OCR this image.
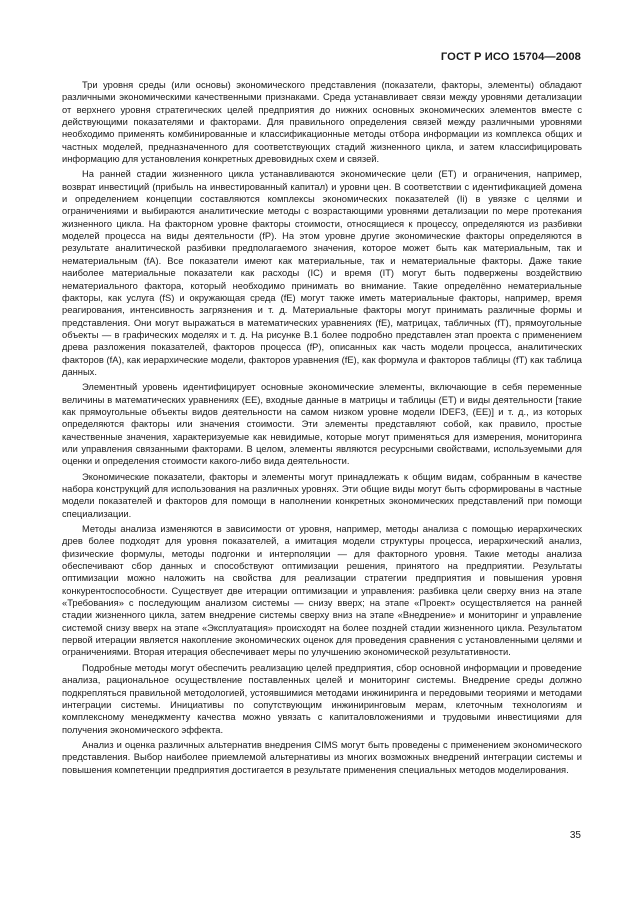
ГОСТ Р ИСО 15704—2008

Три уровня среды (или основы) экономического представления (показатели, факторы, элементы) обладают различными экономическими качественными признаками. Среда устанавливает связи между уровнями детализации от верхнего уровня стратегических целей предприятия до нижних основных экономических элементов вместе с действующими показателями и факторами. Для правильного определения связей между различными уровнями необходимо применять комбинированные и классификационные методы отбора информации из комплекса общих и частных моделей, предназначенного для соответствующих стадий жизненного цикла, и затем классифицировать информацию для установления конкретных древовидных схем и связей.

На ранней стадии жизненного цикла устанавливаются экономические цели (ЕТ) и ограничения, например, возврат инвестиций (прибыль на инвестированный капитал) и уровни цен. В соответствии с идентификацией домена и определением концепции составляются комплексы экономических показателей (Ii) в увязке с целями и ограничениями и выбираются аналитические методы с возрастающими уровнями детализации по мере протекания жизненного цикла. На факторном уровне факторы стоимости, относящиеся к процессу, определяются из разбивки моделей процесса на виды деятельности (fP). На этом уровне другие экономические факторы определяются в результате аналитической разбивки предполагаемого значения, которое может быть как материальным, так и нематериальным (fA). Все показатели имеют как материальные, так и нематериальные факторы. Даже такие наиболее материальные показатели как расходы (IC) и время (IT) могут быть подвержены воздействию нематериального фактора, который необходимо принимать во внимание. Такие определённо нематериальные факторы, как услуга (fS) и окружающая среда (fE) могут также иметь материальные факторы, например, время реагирования, интенсивность загрязнения и т. д. Материальные факторы могут принимать различные формы и представления. Они могут выражаться в математических уравнениях (fE), матрицах, табличных (fT), прямоугольные объекты — в графических моделях и т. д. На рисунке В.1 более подробно представлен этап проекта с применением древа разложения показателей, факторов процесса (fP), описанных как часть модели процесса, аналитических факторов (fA), как иерархические модели, факторов уравнения (fE), как формула и факторов таблицы (fT) как таблица данных.

Элементный уровень идентифицирует основные экономические элементы, включающие в себя переменные величины в математических уравнениях (EE), входные данные в матрицы и таблицы (ET) и виды деятельности [такие как прямоугольные объекты видов деятельности на самом низком уровне модели IDEF3, (EE)] и т. д., из которых определяются факторы или значения стоимости. Эти элементы представляют собой, как правило, простые качественные значения, характеризуемые как невидимые, которые могут применяться для измерения, мониторинга или управления связанными факторами. В целом, элементы являются ресурсными свойствами, используемыми для оценки и определения стоимости какого-либо вида деятельности.

Экономические показатели, факторы и элементы могут принадлежать к общим видам, собранным в качестве набора конструкций для использования на различных уровнях. Эти общие виды могут быть сформированы в частные модели показателей и факторов для помощи в наполнении конкретных экономических представлений при помощи специализации.

Методы анализа изменяются в зависимости от уровня, например, методы анализа с помощью иерархических древ более подходят для уровня показателей, а имитация модели структуры процесса, иерархический анализ, физические формулы, методы подгонки и интерполяции — для факторного уровня. Такие методы анализа обеспечивают сбор данных и способствуют оптимизации решения, принятого на предприятии. Результаты оптимизации можно наложить на свойства для реализации стратегии предприятия и повышения уровня конкурентоспособности. Существует две итерации оптимизации и управления: разбивка цели сверху вниз на этапе «Требования» с последующим анализом системы — снизу вверх; на этапе «Проект» осуществляется на ранней стадии жизненного цикла, затем внедрение системы сверху вниз на этапе «Внедрение» и мониторинг и управление системой снизу вверх на этапе «Эксплуатация» происходят на более поздней стадии жизненного цикла. Результатом первой итерации является накопление экономических оценок для проведения сравнения с установленными целями и ограничениями. Вторая итерация обеспечивает меры по улучшению экономической результативности.

Подробные методы могут обеспечить реализацию целей предприятия, сбор основной информации и проведение анализа, рациональное осуществление поставленных целей и мониторинг системы. Внедрение среды должно подкрепляться правильной методологией, устоявшимися методами инжиниринга и передовыми теориями и методами интеграции системы. Инициативы по сопутствующим инжиниринговым мерам, клеточным технологиям и комплексному менеджменту качества можно увязать с капиталовложениями и трудовыми инвестициями для получения экономического эффекта.

Анализ и оценка различных альтернатив внедрения CIMS могут быть проведены с применением экономического представления. Выбор наиболее приемлемой альтернативы из многих возможных внедрений интеграции системы и повышения компетенции предприятия достигается в результате применения специальных методов моделирования.

35
